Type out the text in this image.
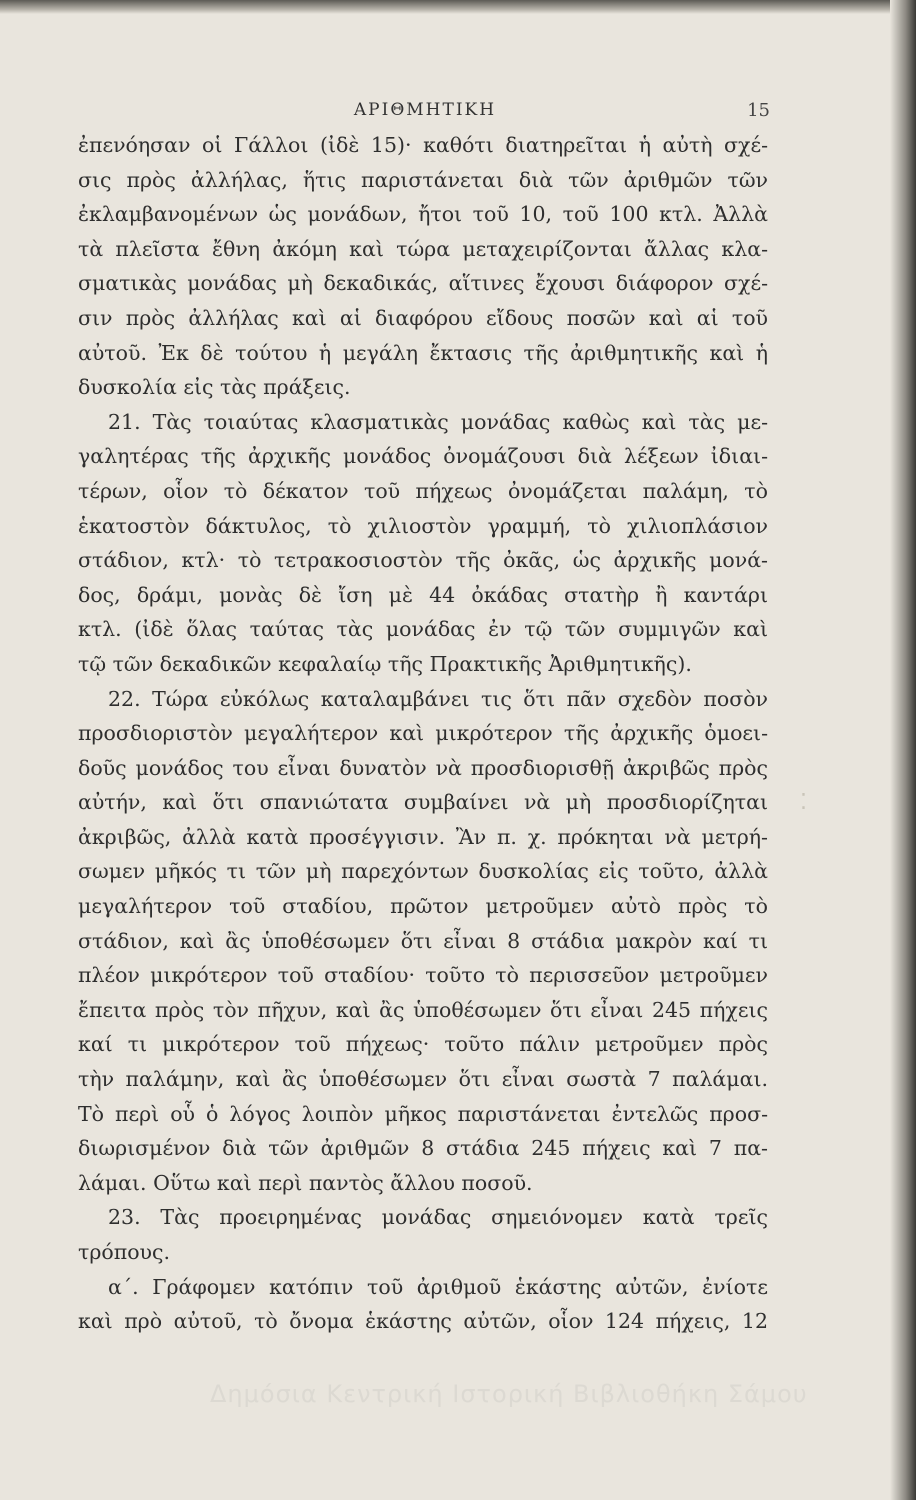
ΑΡΙΘΜΗΤΙΚΗ	15
ἐπενόησαν οἱ Γάλλοι (ἰδὲ 15)· καθότι διατηρεῖται ἡ αὐτὴ σχέ-
σις πρὸς ἀλλήλας, ἥτις παριστάνεται διὰ τῶν ἀριθμῶν τῶν
ἐκλαμβανομένων ὡς μονάδων, ἤτοι τοῦ 10, τοῦ 100 κτλ. Ἀλλὰ
τὰ πλεῖστα ἔθνη ἀκόμη καὶ τώρα μεταχειρίζονται ἄλλας κλα-
σματικὰς μονάδας μὴ δεκαδικάς, αἵτινες ἔχουσι διάφορον σχέ-
σιν πρὸς ἀλλήλας καὶ αἱ διαφόρου εἴδους ποσῶν καὶ αἱ τοῦ
αὐτοῦ. Ἐκ δὲ τούτου ἡ μεγάλη ἔκτασις τῆς ἀριθμητικῆς καὶ ἡ
δυσκολία εἰς τὰς πράξεις.
21. Τὰς τοιαύτας κλασματικὰς μονάδας καθὼς καὶ τὰς με-
γαλητέρας τῆς ἀρχικῆς μονάδος ὀνομάζουσι διὰ λέξεων ἰδιαι-
τέρων, οἷον τὸ δέκατον τοῦ πήχεως ὀνομάζεται παλάμη, τὸ
ἑκατοστὸν δάκτυλος, τὸ χιλιοστὸν γραμμή, τὸ χιλιοπλάσιον
στάδιον, κτλ· τὸ τετρακοσιοστὸν τῆς ὀκᾶς, ὡς ἀρχικῆς μονά-
δος, δράμι, μονὰς δὲ ἴση μὲ 44 ὀκάδας στατὴρ ἢ καντάρι
κτλ. (ἰδὲ ὅλας ταύτας τὰς μονάδας ἐν τῷ τῶν συμμιγῶν καὶ
τῷ τῶν δεκαδικῶν κεφαλαίῳ τῆς Πρακτικῆς Ἀριθμητικῆς).
22. Τώρα εὐκόλως καταλαμβάνει τις ὅτι πᾶν σχεδὸν ποσὸν
προσδιοριστὸν μεγαλήτερον καὶ μικρότερον τῆς ἀρχικῆς ὁμοει-
δοῦς μονάδος του εἶναι δυνατὸν νὰ προσδιορισθῇ ἀκριβῶς πρὸς
αὐτήν, καὶ ὅτι σπανιώτατα συμβαίνει νὰ μὴ προσδιορίζηται
ἀκριβῶς, ἀλλὰ κατὰ προσέγγισιν. Ἂν π. χ. πρόκηται νὰ μετρή-
σωμεν μῆκός τι τῶν μὴ παρεχόντων δυσκολίας εἰς τοῦτο, ἀλλὰ
μεγαλήτερον τοῦ σταδίου, πρῶτον μετροῦμεν αὐτὸ πρὸς τὸ
στάδιον, καὶ ἂς ὑποθέσωμεν ὅτι εἶναι 8 στάδια μακρὸν καί τι
πλέον μικρότερον τοῦ σταδίου· τοῦτο τὸ περισσεῦον μετροῦμεν
ἔπειτα πρὸς τὸν πῆχυν, καὶ ἂς ὑποθέσωμεν ὅτι εἶναι 245 πήχεις
καί τι μικρότερον τοῦ πήχεως· τοῦτο πάλιν μετροῦμεν πρὸς
τὴν παλάμην, καὶ ἂς ὑποθέσωμεν ὅτι εἶναι σωστὰ 7 παλάμαι.
Τὸ περὶ οὗ ὁ λόγος λοιπὸν μῆκος παριστάνεται ἐντελῶς προσ-
διωρισμένον διὰ τῶν ἀριθμῶν 8 στάδια 245 πήχεις καὶ 7 πα-
λάμαι. Οὕτω καὶ περὶ παντὸς ἄλλου ποσοῦ.
23. Τὰς προειρημένας μονάδας σημειόνομεν κατὰ τρεῖς
τρόπους.
α΄. Γράφομεν κατόπιν τοῦ ἀριθμοῦ ἑκάστης αὐτῶν, ἐνίοτε
καὶ πρὸ αὐτοῦ, τὸ ὄνομα ἑκάστης αὐτῶν, οἷον 124 πήχεις, 12
⁚
Δημόσια Κεντρική Ιστορική Βιβλιοθήκη Σάμου
